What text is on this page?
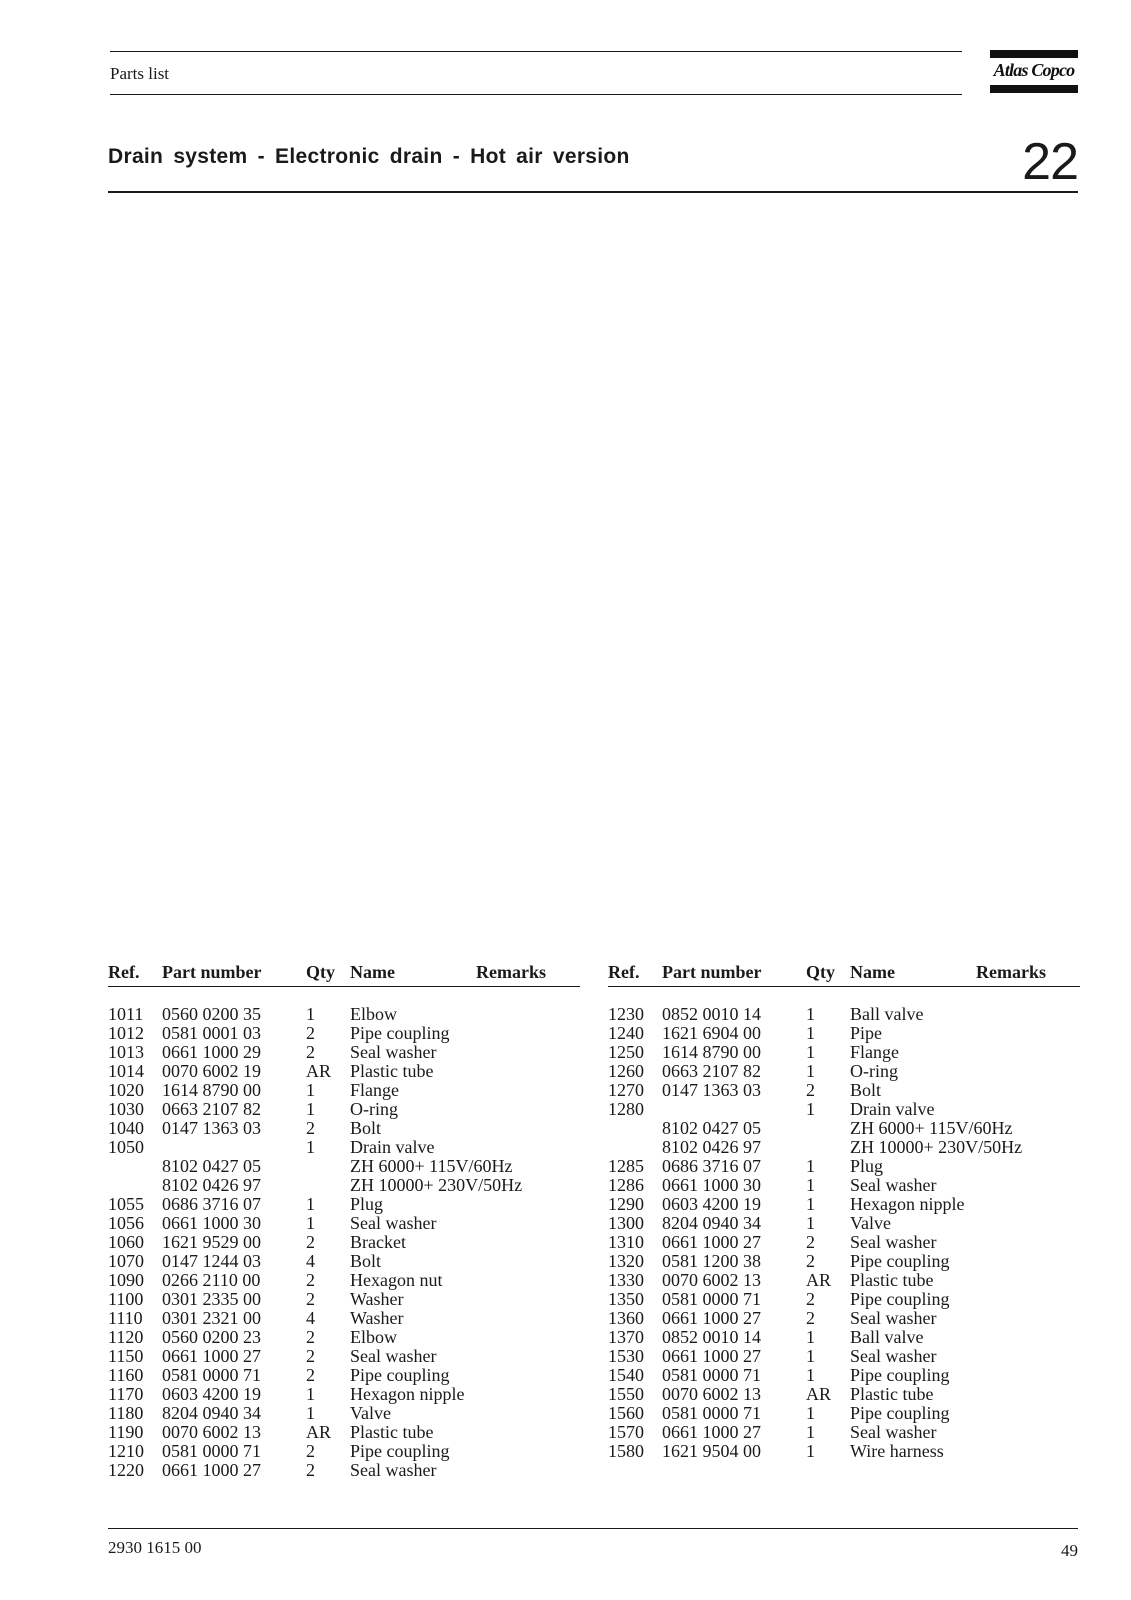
Parts list	Atlas Copco
Drain system - Electronic drain - Hot air version	22
Ref. Part number Qty Name	Remarks
1011 0560 0200 35	1 Elbow
1012 0581 0001 03	2 Pipe coupling
1013 0661 1000 29	2 Seal washer
1014 0070 6002 19	AR Plastic tube
1020 1614 8790 00	1 Flange
1030 0663 2107 82	1 O-ring
1040 0147 1363 03	2 Bolt
1050	1 Drain valve
8102 0427 05	ZH 6000+ 115V/60Hz
8102 0426 97	ZH 10000+ 230V/50Hz
1055 0686 3716 07	1 Plug
1056 0661 1000 30	1 Seal washer
1060 1621 9529 00	2 Bracket
1070 0147 1244 03	4 Bolt
1090 0266 2110 00	2 Hexagon nut
1100 0301 2335 00	2 Washer
1110 0301 2321 00	4 Washer
1120 0560 0200 23	2 Elbow
1150 0661 1000 27	2 Seal washer
1160 0581 0000 71	2 Pipe coupling
1170 0603 4200 19	1 Hexagon nipple
1180 8204 0940 34	1 Valve
1190 0070 6002 13	AR Plastic tube
1210 0581 0000 71	2 Pipe coupling
1220 0661 1000 27	2 Seal washer
Ref. Part number Qty Name	Remarks
1230 0852 0010 14	1 Ball valve
1240 1621 6904 00	1 Pipe
1250 1614 8790 00	1 Flange
1260 0663 2107 82	1 O-ring
1270 0147 1363 03	2 Bolt
1280	1 Drain valve
8102 0427 05	ZH 6000+ 115V/60Hz
8102 0426 97	ZH 10000+ 230V/50Hz
1285 0686 3716 07	1 Plug
1286 0661 1000 30	1 Seal washer
1290 0603 4200 19	1 Hexagon nipple
1300 8204 0940 34	1 Valve
1310 0661 1000 27	2 Seal washer
1320 0581 1200 38	2 Pipe coupling
1330 0070 6002 13	AR Plastic tube
1350 0581 0000 71	2 Pipe coupling
1360 0661 1000 27	2 Seal washer
1370 0852 0010 14	1 Ball valve
1530 0661 1000 27	1 Seal washer
1540 0581 0000 71	1 Pipe coupling
1550 0070 6002 13	AR Plastic tube
1560 0581 0000 71	1 Pipe coupling
1570 0661 1000 27	1 Seal washer
1580 1621 9504 00	1 Wire harness
2930 1615 00	49
